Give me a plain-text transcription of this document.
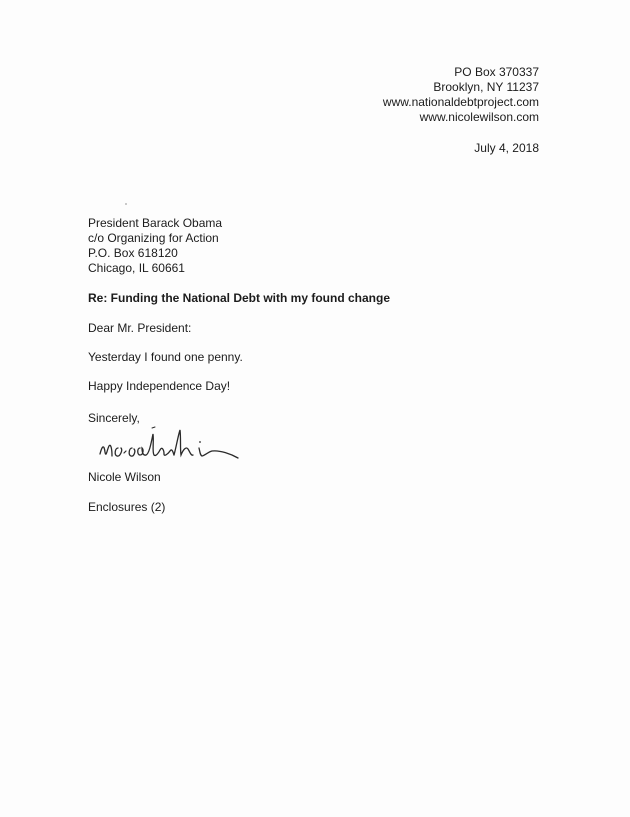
PO Box 370337
Brooklyn, NY 11237
www.nationaldebtproject.com
www.nicolewilson.com
July 4, 2018
President Barack Obama
c/o Organizing for Action
P.O. Box 618120
Chicago, IL 60661
Re: Funding the National Debt with my found change
Dear Mr. President:
Yesterday I found one penny.
Happy Independence Day!
Sincerely,
Nicole Wilson
Enclosures (2)
